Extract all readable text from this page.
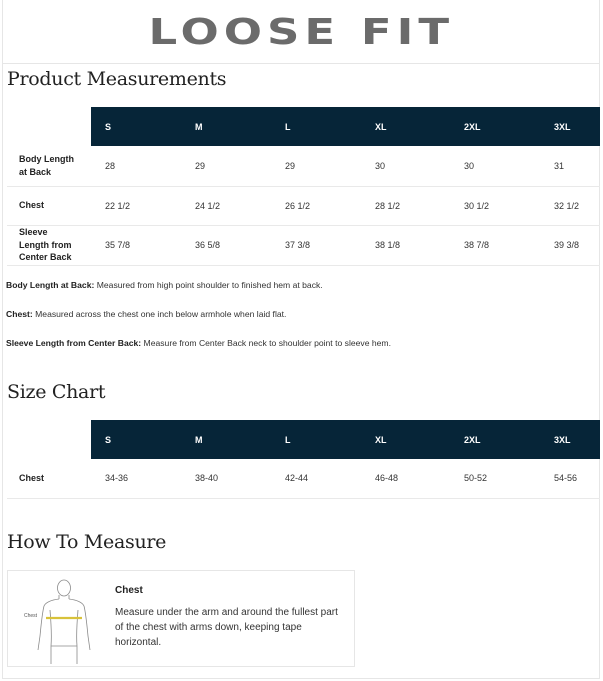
LOOSE FIT
Product Measurements
	S	M	L	XL	2XL	3XL
Body Length
at Back	28	29	29	30	30	31
Chest	22 1/2	24 1/2	26 1/2	28 1/2	30 1/2	32 1/2
Sleeve
Length from
Center Back	35 7/8	36 5/8	37 3/8	38 1/8	38 7/8	39 3/8

Body Length at Back: Measured from high point shoulder to finished hem at back.

Chest: Measured across the chest one inch below armhole when laid flat.

Sleeve Length from Center Back: Measure from Center Back neck to shoulder point to sleeve hem.

Size Chart
	S	M	L	XL	2XL	3XL
Chest	34-36	38-40	42-44	46-48	50-52	54-56
How To Measure
Chest
Chest
Measure under the arm and around the fullest part of the chest with arms down, keeping tape horizontal.
